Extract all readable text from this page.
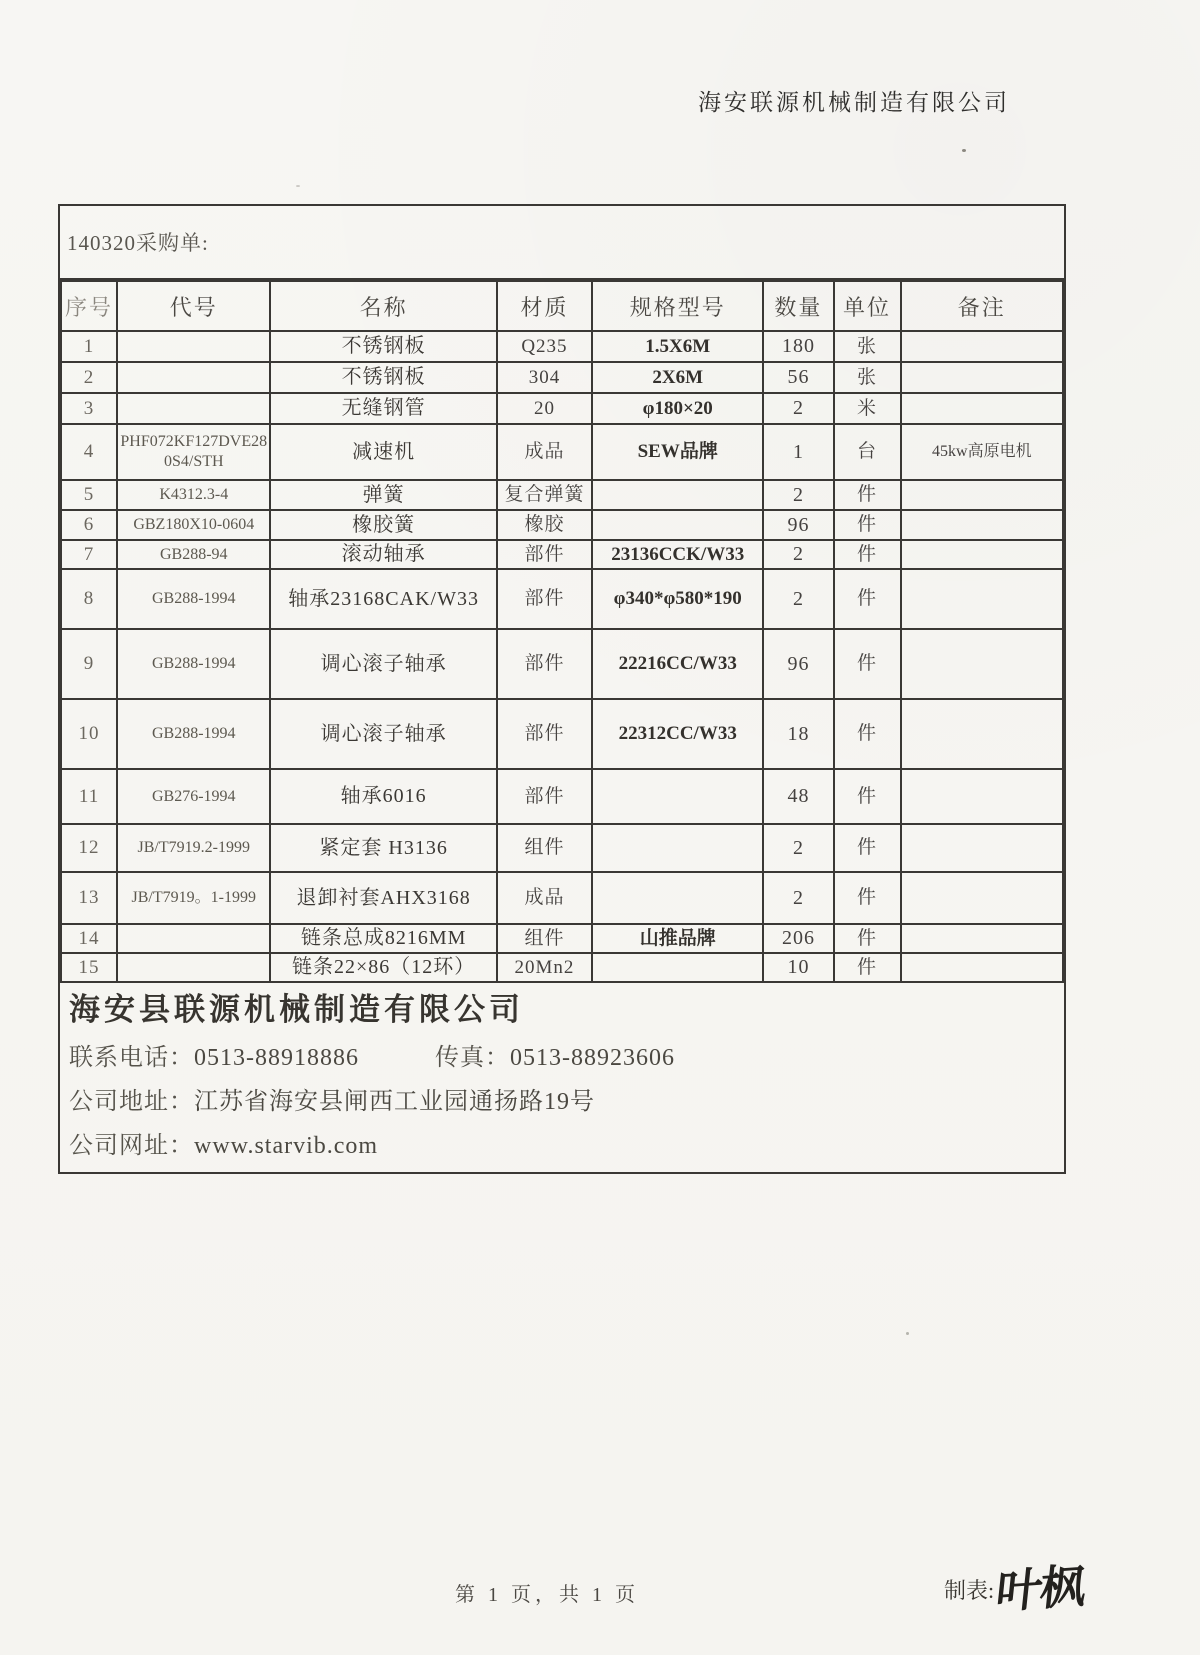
海安联源机械制造有限公司
140320采购单:
序号	代号	名称	材质	规格型号	数量	单位	备注
1		不锈钢板	Q235	1.5X6M	180	张	
2		不锈钢板	304	2X6M	56	张	
3		无缝钢管	20	φ180×20	2	米	
4	PHF072KF127DVE280S4/STH	减速机	成品	SEW品牌	1	台	45kw高原电机
5	K4312.3-4	弹簧	复合弹簧		2	件	
6	GBZ180X10-0604	橡胶簧	橡胶		96	件	
7	GB288-94	滚动轴承	部件	23136CCK/W33	2	件	
8	GB288-1994	轴承23168CAK/W33	部件	φ340*φ580*190	2	件	
9	GB288-1994	调心滚子轴承	部件	22216CC/W33	96	件	
10	GB288-1994	调心滚子轴承	部件	22312CC/W33	18	件	
11	GB276-1994	轴承6016	部件		48	件	
12	JB/T7919.2-1999	紧定套 H3136	组件		2	件	
13	JB/T7919。1-1999	退卸衬套AHX3168	成品		2	件	
14		链条总成8216MM	组件	山推品牌	206	件	
15		链条22×86（12环）	20Mn2		10	件	
海安县联源机械制造有限公司
联系电话：0513-88918886	传真：0513-88923606
公司地址：江苏省海安县闸西工业园通扬路19号
公司网址：www.starvib.com
第 1 页，共 1 页	制表:叶枫
